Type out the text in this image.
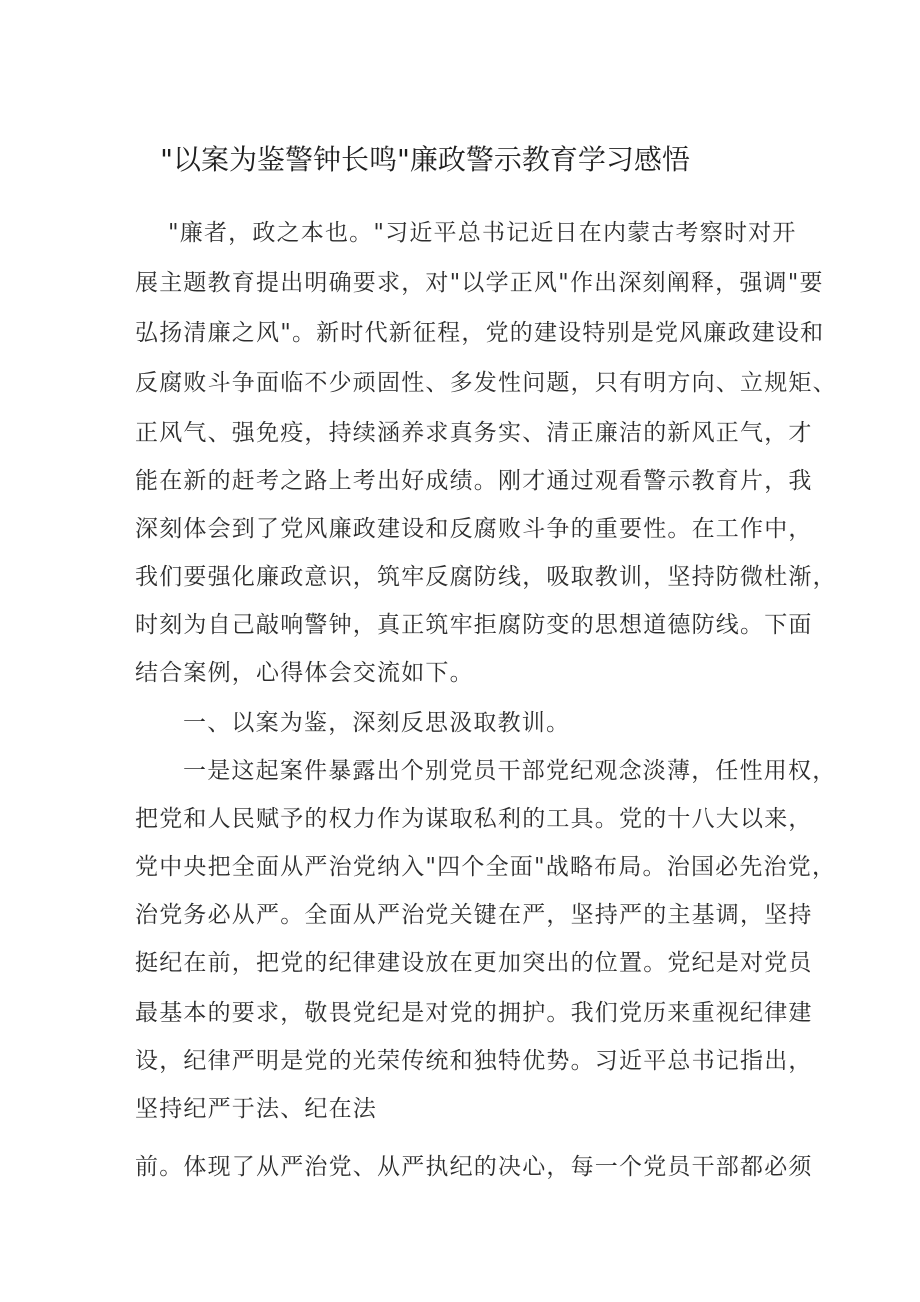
"以案为鉴警钟长鸣"廉政警示教育学习感悟
"廉者，政之本也。"习近平总书记近日在内蒙古考察时对开
展主题教育提出明确要求，对"以学正风"作出深刻阐释，强调"要
弘扬清廉之风"。新时代新征程，党的建设特别是党风廉政建设和
反腐败斗争面临不少顽固性、多发性问题，只有明方向、立规矩、
正风气、强免疫，持续涵养求真务实、清正廉洁的新风正气，才
能在新的赶考之路上考出好成绩。刚才通过观看警示教育片，我
深刻体会到了党风廉政建设和反腐败斗争的重要性。在工作中，
我们要强化廉政意识，筑牢反腐防线，吸取教训，坚持防微杜渐，
时刻为自己敲响警钟，真正筑牢拒腐防变的思想道德防线。下面
结合案例，心得体会交流如下。
一、以案为鉴，深刻反思汲取教训。
一是这起案件暴露出个别党员干部党纪观念淡薄，任性用权，
把党和人民赋予的权力作为谋取私利的工具。党的十八大以来，
党中央把全面从严治党纳入"四个全面"战略布局。治国必先治党，
治党务必从严。全面从严治党关键在严，坚持严的主基调，坚持
挺纪在前，把党的纪律建设放在更加突出的位置。党纪是对党员
最基本的要求，敬畏党纪是对党的拥护。我们党历来重视纪律建
设，纪律严明是党的光荣传统和独特优势。习近平总书记指出，
坚持纪严于法、纪在法
前。体现了从严治党、从严执纪的决心，每一个党员干部都必须
